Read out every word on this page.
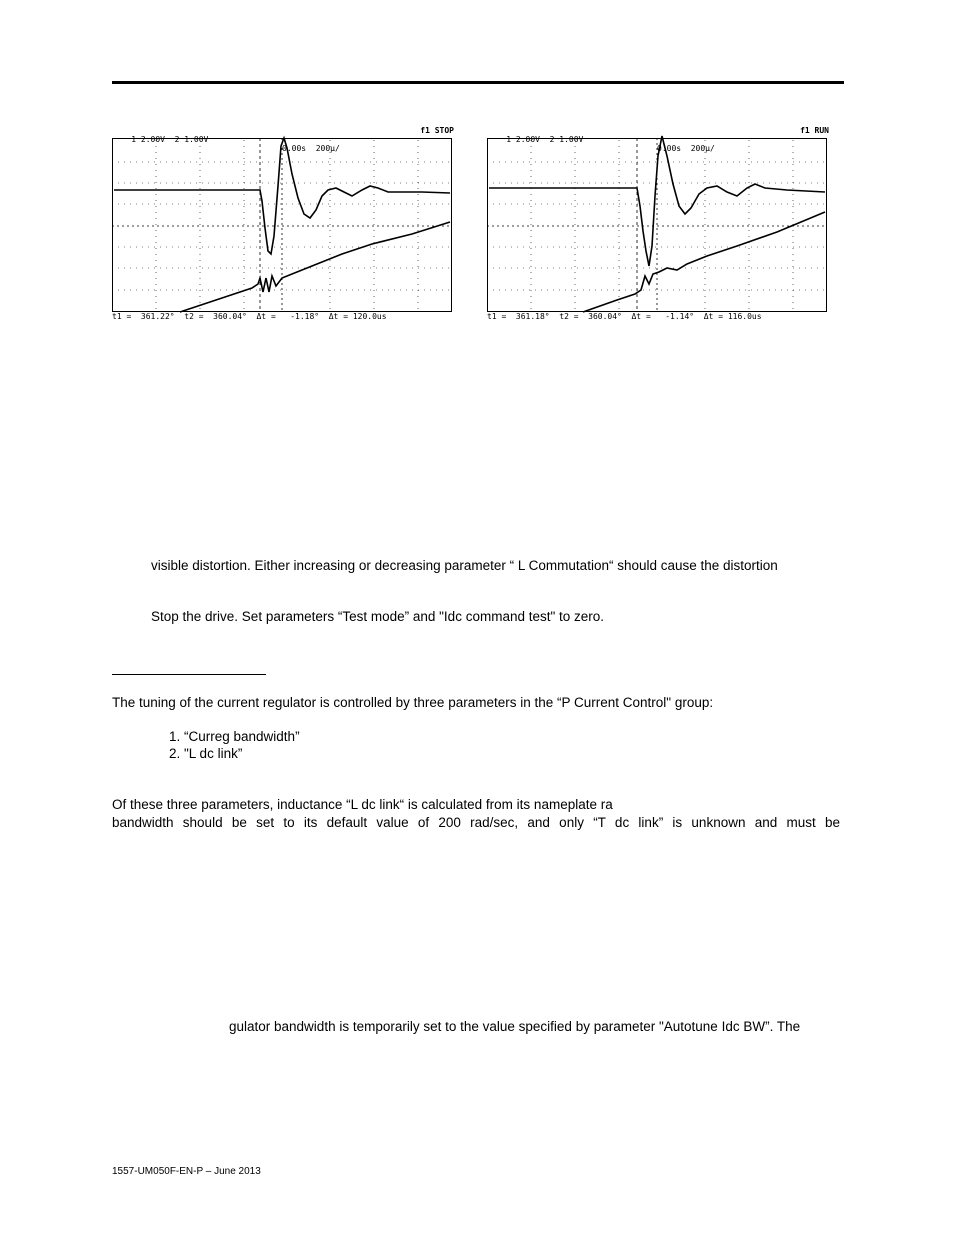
1 2.00V  2 1.00V

0.00s  200µ/

f1 STOP

t1 =  361.22°  t2 =  360.04°  Δt =   -1.18°  Δt = 120.0us

1 2.00V  2 1.00V

0.00s  200µ/

f1 RUN

t1 =  361.18°  t2 =  360.04°  Δt =   -1.14°  Δt = 116.0us
visible distortion. Either increasing or decreasing parameter “ L Commutation“ should cause the distortion
Stop the drive. Set parameters “Test mode” and "Idc command test" to zero.
The tuning of the current regulator is controlled by three parameters in the “P Current Control" group:
1. “Curreg bandwidth”
2. "L dc link”
Of these three parameters, inductance “L dc link“ is calculated from its nameplate ra
bandwidth should be set to its default value of 200 rad/sec, and only “T dc link” is unknown and must be
gulator bandwidth is temporarily set to the value specified by parameter "Autotune Idc BW”. The
1557-UM050F-EN-P – June 2013
